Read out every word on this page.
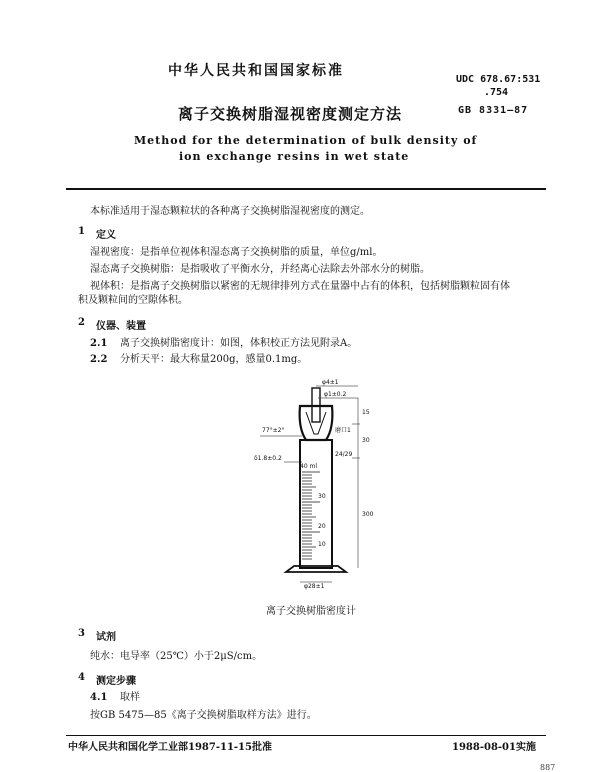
中华人民共和国国家标准
UDC 678.67:531
.754
GB 8331—87
离子交换树脂湿视密度测定方法
Method for the determination of bulk density of
ion exchange resins in wet state
本标准适用于湿态颗粒状的各种离子交换树脂湿视密度的测定。
1 定义
湿视密度：是指单位视体积湿态离子交换树脂的质量，单位g/ml。
湿态离子交换树脂：是指吸收了平衡水分，并经离心法除去外部水分的树脂。
视体积：是指离子交换树脂以紧密的无规律排列方式在量器中占有的体积，包括树脂颗粒固有体
积及颗粒间的空隙体积。
2 仪器、装置
2.1 离子交换树脂密度计：如图，体积校正方法见附录A。
2.2 分析天平：最大称量200g，感量0.1mg。
φ4±1
φ1±0.2
77°±2°	磨口1
24/29
δ1.8±0.2
40 ml
30
20
10
15
30
300
φ28±1
离子交换树脂密度计
3 试剂
纯水：电导率（25℃）小于2μS/cm。
4 测定步骤
4.1 取样
按GB 5475—85《离子交换树脂取样方法》进行。
中华人民共和国化学工业部1987-11-15批准	1988-08-01实施
887
